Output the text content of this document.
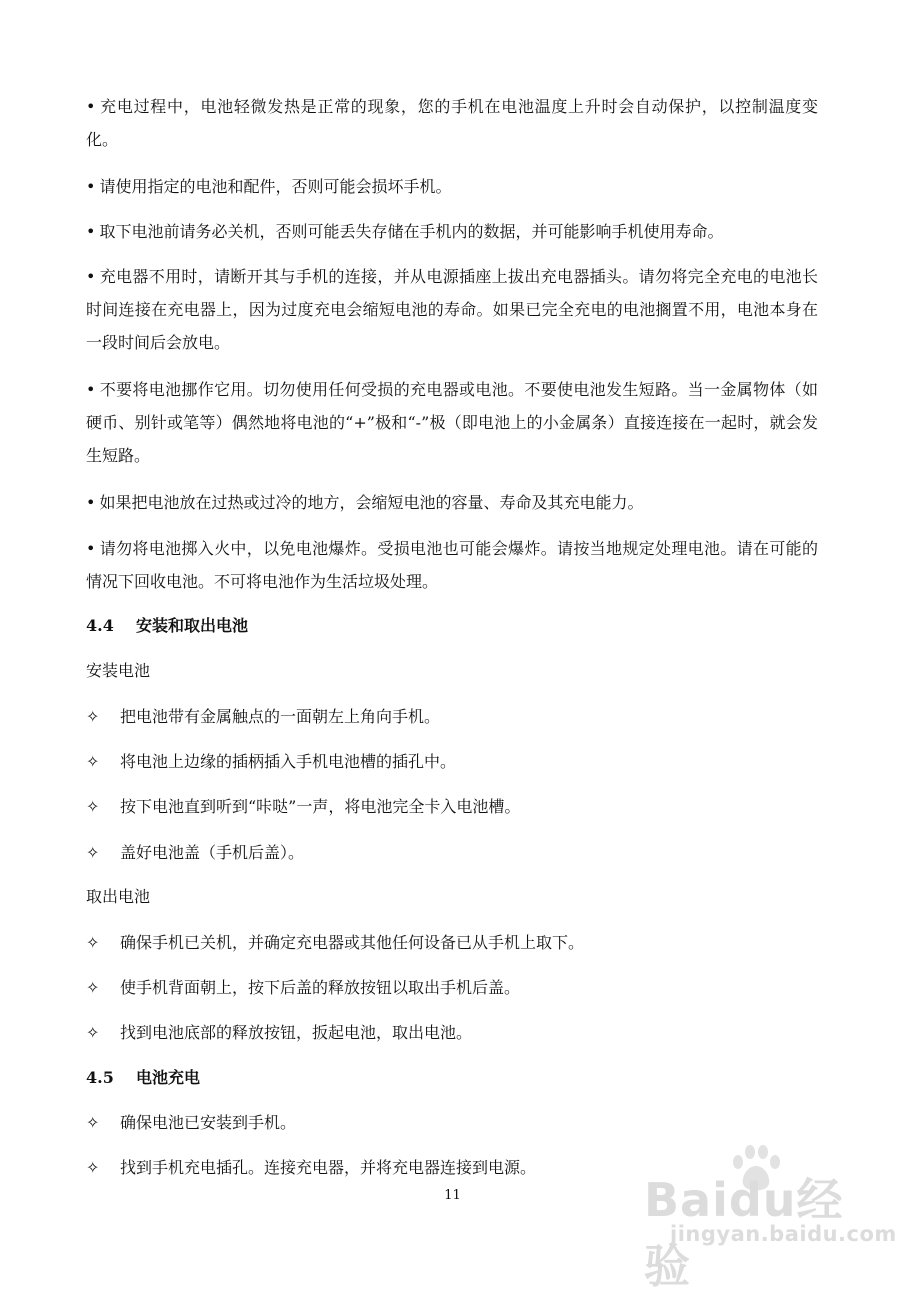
• 充电过程中，电池轻微发热是正常的现象，您的手机在电池温度上升时会自动保护，以控制温度变化。

• 请使用指定的电池和配件，否则可能会损坏手机。

• 取下电池前请务必关机，否则可能丢失存储在手机内的数据，并可能影响手机使用寿命。

• 充电器不用时，请断开其与手机的连接，并从电源插座上拔出充电器插头。请勿将完全充电的电池长时间连接在充电器上，因为过度充电会缩短电池的寿命。如果已完全充电的电池搁置不用，电池本身在一段时间后会放电。

• 不要将电池挪作它用。切勿使用任何受损的充电器或电池。不要使电池发生短路。当一金属物体（如硬币、别针或笔等）偶然地将电池的“+”极和“-”极（即电池上的小金属条）直接连接在一起时，就会发生短路。

• 如果把电池放在过热或过冷的地方，会缩短电池的容量、寿命及其充电能力。

• 请勿将电池掷入火中，以免电池爆炸。受损电池也可能会爆炸。请按当地规定处理电池。请在可能的情况下回收电池。不可将电池作为生活垃圾处理。

4.4 安装和取出电池

安装电池

✧ 把电池带有金属触点的一面朝左上角向手机。

✧ 将电池上边缘的插柄插入手机电池槽的插孔中。

✧ 按下电池直到听到“咔哒”一声，将电池完全卡入电池槽。

✧ 盖好电池盖（手机后盖）。

取出电池

✧ 确保手机已关机，并确定充电器或其他任何设备已从手机上取下。

✧ 使手机背面朝上，按下后盖的释放按钮以取出手机后盖。

✧ 找到电池底部的释放按钮，扳起电池，取出电池。

4.5 电池充电

✧ 确保电池已安装到手机。

✧ 找到手机充电插孔。连接充电器，并将充电器连接到电源。

11	Baidu经验
jingyan.baidu.com
